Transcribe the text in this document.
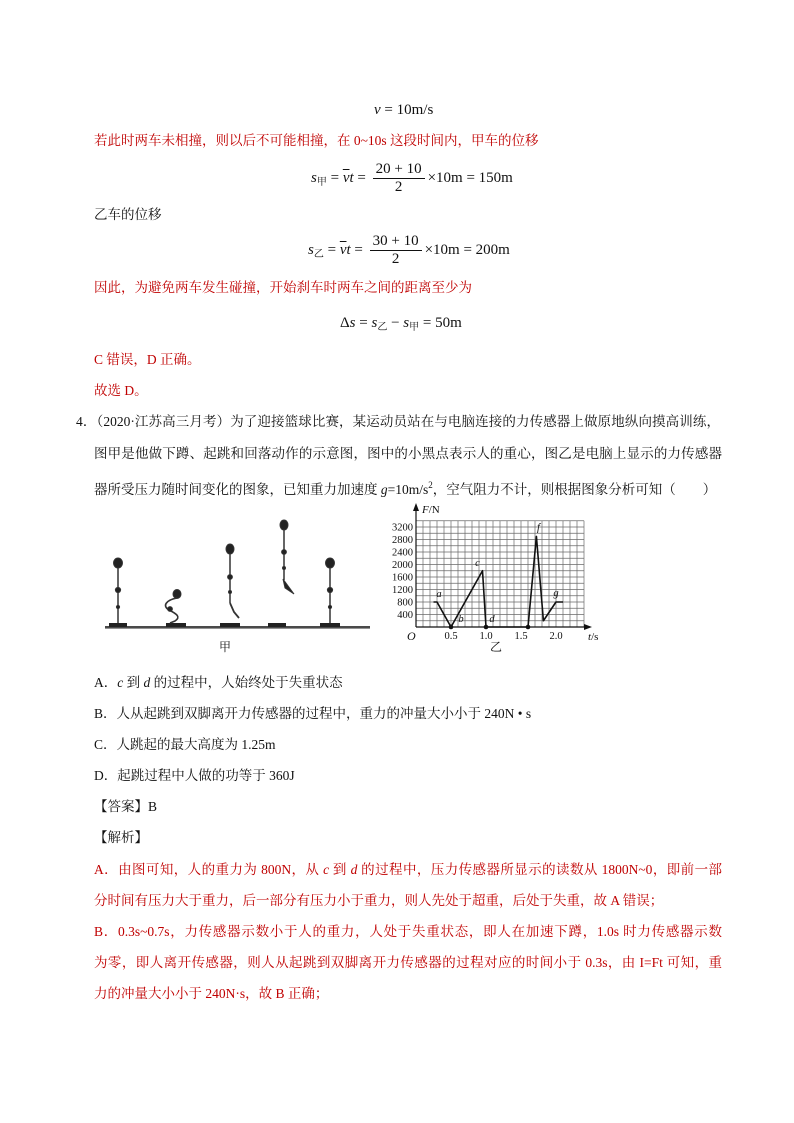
v = 10m/s
若此时两车未相撞，则以后不可能相撞，在 0~10s 这段时间内，甲车的位移
$s_甲 = \overline{v}t = \frac{20 + 10}{2} \times 10m = 150m$
乙车的位移
$s_乙 = \overline{v}t = \frac{30 + 10}{2} \times 10m = 200m$
因此，为避免两车发生碰撞，开始刹车时两车之间的距离至少为
$\Delta s = s_乙 - s_甲 = 50m$
C 错误，D 正确。
故选 D。
4．（2020·江苏高三月考）为了迎接篮球比赛，某运动员站在与电脑连接的力传感器上做原地纵向摸高训练，
图甲是他做下蹲、起跳和回落动作的示意图，图中的小黑点表示人的重心，图乙是电脑上显示的力传感器
器所受压力随时间变化的图象，已知重力加速度 $g=10m/s^2$，空气阻力不计，则根据图象分析可知（　　）
甲
O
F/N
t/s
400
800
1200
1600
2000
2400
2800
3200
0.5 1.0 1.5 2.0
a
b
c
d
f
g
乙
A．c 到 d 的过程中，人始终处于失重状态
B．人从起跳到双脚离开力传感器的过程中，重力的冲量大小小于 240N • s
C．人跳起的最大高度为 1.25m
D．起跳过程中人做的功等于 360J
【答案】B
【解析】
A．由图可知，人的重力为 800N，从 c 到 d 的过程中，压力传感器所显示的读数从 1800N~0，即前一部
分时间有压力大于重力，后一部分有压力小于重力，则人先处于超重，后处于失重，故 A 错误；
B．0.3s~0.7s，力传感器示数小于人的重力，人处于失重状态，即人在加速下蹲，1.0s 时力传感器示数
为零，即人离开传感器，则人从起跳到双脚离开力传感器的过程对应的时间小于 0.3s，由 I=Ft 可知，重
力的冲量大小小于 240N·s，故 B 正确；
